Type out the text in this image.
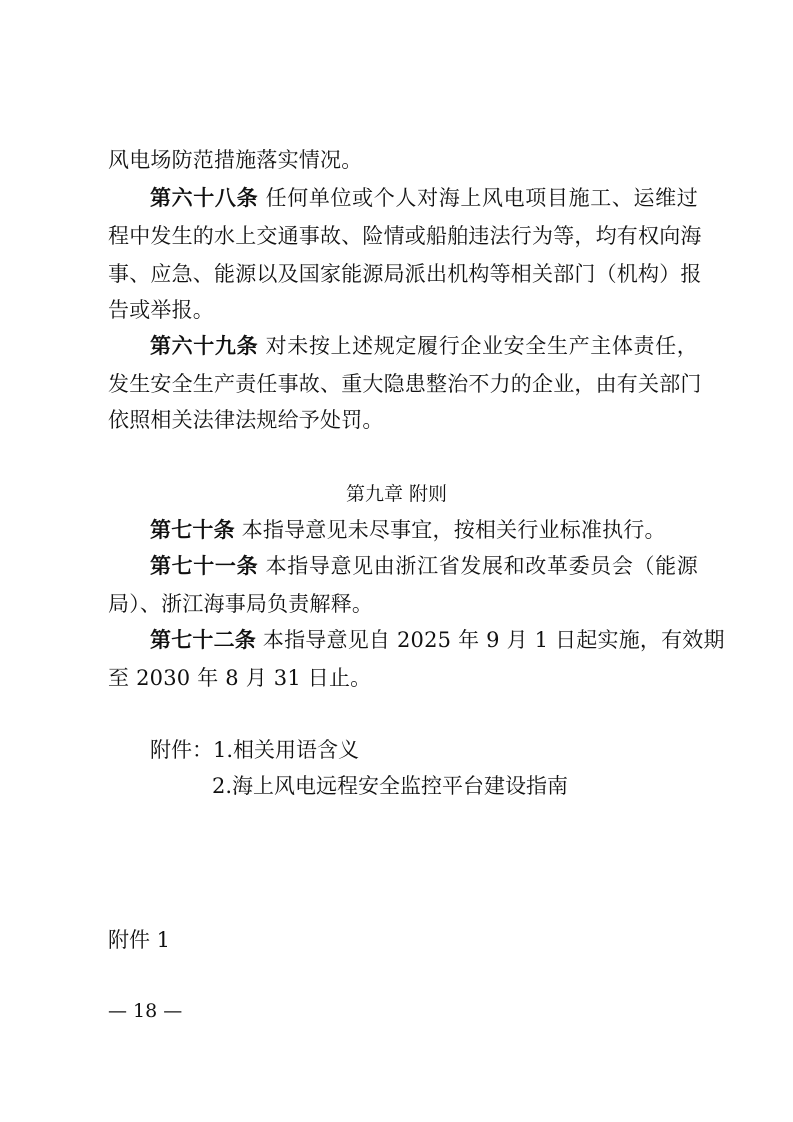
风电场防范措施落实情况。
第六十八条 任何单位或个人对海上风电项目施工、运维过
程中发生的水上交通事故、险情或船舶违法行为等，均有权向海
事、应急、能源以及国家能源局派出机构等相关部门（机构）报
告或举报。
第六十九条 对未按上述规定履行企业安全生产主体责任，
发生安全生产责任事故、重大隐患整治不力的企业，由有关部门
依照相关法律法规给予处罚。
第九章 附则
第七十条 本指导意见未尽事宜，按相关行业标准执行。
第七十一条 本指导意见由浙江省发展和改革委员会（能源
局）、浙江海事局负责解释。
第七十二条 本指导意见自 2025 年 9 月 1 日起实施，有效期
至 2030 年 8 月 31 日止。
附件：1.相关用语含义
2.海上风电远程安全监控平台建设指南
附件 1
— 18 —
